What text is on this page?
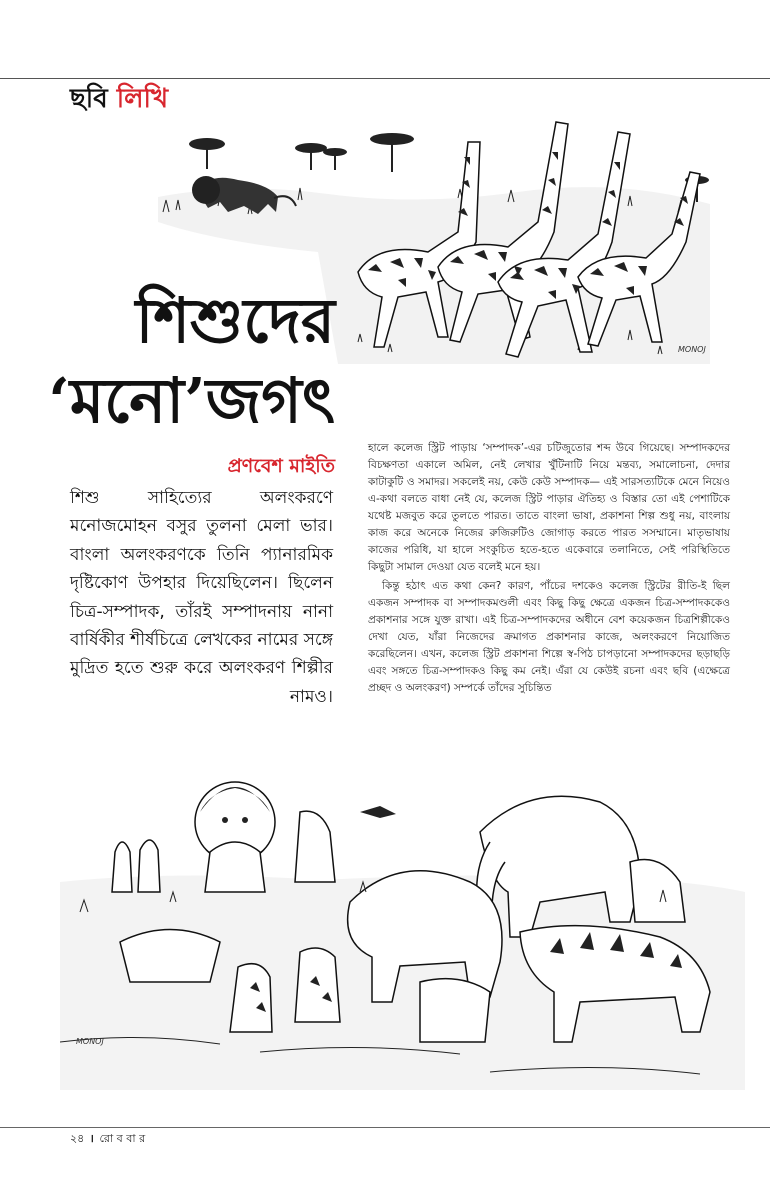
ছবি লিখি
MONOJ
শিশুদের
‘মনো’জগৎ
প্রণবেশ মাইতি
শিশু সাহিত্যের অলংকরণে মনোজমোহন বসুর তুলনা মেলা ভার। বাংলা অলংকরণকে তিনি প্যানারমিক দৃষ্টিকোণ উপহার দিয়েছিলেন। ছিলেন চিত্র-সম্পাদক, তাঁরই সম্পাদনায় নানা বার্ষিকীর শীর্ষচিত্রে লেখকের নামের সঙ্গে মুদ্রিত হতে শুরু করে অলংকরণ শিল্পীর নামও।

হালে কলেজ স্ট্রিট পাড়ায় ‘সম্পাদক’-এর চটিজুতোর শব্দ উবে গিয়েছে। সম্পাদকদের বিচক্ষণতা একালে অমিল, নেই লেখার খুঁটিনাটি নিয়ে মন্তব্য, সমালোচনা, দেদার কাটাকুটি ও সমাদর। সকলেই নয়, কেউ কেউ সম্পাদক— এই সারসত্যটিকে মেনে নিয়েও এ-কথা বলতে বাধা নেই যে, কলেজ স্ট্রিট পাড়ার ঐতিহ্য ও বিস্তার তো এই পেশাটিকে যথেষ্ট মজবুত করে তুলতে পারত। তাতে বাংলা ভাষা, প্রকাশনা শিল্প শুধু নয়, বাংলায় কাজ করে অনেকে নিজের রুজিরুটিও জোগাড় করতে পারত সসম্মানে। মাতৃভাষায় কাজের পরিধি, যা হালে সংকুচিত হতে-হতে একেবারে তলানিতে, সেই পরিস্থিতিতে কিছুটা সামাল দেওয়া যেত বলেই মনে হয়।

কিন্তু হঠাৎ এত কথা কেন? কারণ, পাঁচের দশকেও কলেজ স্ট্রিটের রীতি-ই ছিল একজন সম্পাদক বা সম্পাদকমণ্ডলী এবং কিছু কিছু ক্ষেত্রে একজন চিত্র-সম্পাদককেও প্রকাশনার সঙ্গে যুক্ত রাখা। এই চিত্র-সম্পাদকদের অধীনে বেশ কয়েকজন চিত্রশিল্পীকেও দেখা যেত, যাঁরা নিজেদের ক্রমাগত প্রকাশনার কাজে, অলংকরণে নিয়োজিত করেছিলেন। এখন, কলেজ স্ট্রিট প্রকাশনা শিল্পে স্ব-পিঠ চাপড়ানো সম্পাদকদের ছড়াছড়ি এবং সঙ্গতে চিত্র-সম্পাদকও কিছু কম নেই। এঁরা যে কেউই রচনা এবং ছবি (এক্ষেত্রে প্রচ্ছদ ও অলংকরণ) সম্পর্কে তাঁদের সুচিন্তিত

MONOJ
২৪ । রো ব বা র
